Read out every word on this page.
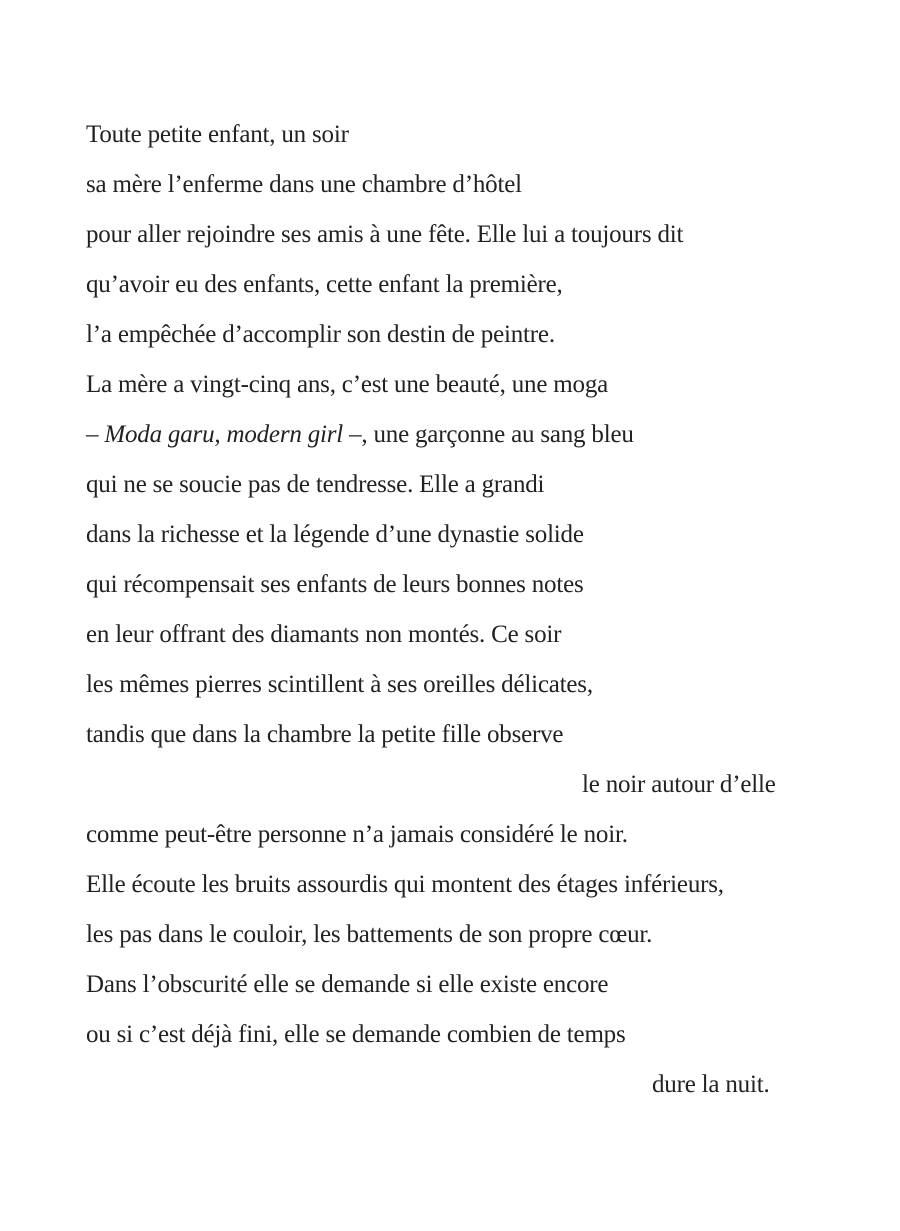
Toute petite enfant, un soir
sa mère l’enferme dans une chambre d’hôtel
pour aller rejoindre ses amis à une fête. Elle lui a toujours dit
qu’avoir eu des enfants, cette enfant la première,
l’a empêchée d’accomplir son destin de peintre.
La mère a vingt-cinq ans, c’est une beauté, une moga
– Moda garu, modern girl –, une garçonne au sang bleu
qui ne se soucie pas de tendresse. Elle a grandi
dans la richesse et la légende d’une dynastie solide
qui récompensait ses enfants de leurs bonnes notes
en leur offrant des diamants non montés. Ce soir
les mêmes pierres scintillent à ses oreilles délicates,
tandis que dans la chambre la petite fille observe
le noir autour d’elle
comme peut-être personne n’a jamais considéré le noir.
Elle écoute les bruits assourdis qui montent des étages inférieurs,
les pas dans le couloir, les battements de son propre cœur.
Dans l’obscurité elle se demande si elle existe encore
ou si c’est déjà fini, elle se demande combien de temps
dure la nuit.
